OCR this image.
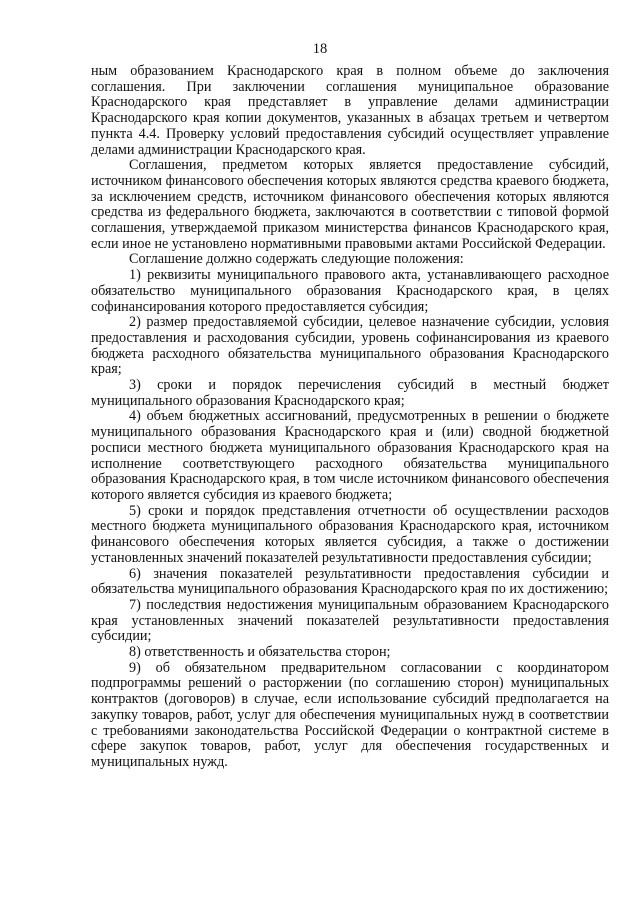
18

ным образованием Краснодарского края в полном объеме до заключения соглашения. При заключении соглашения муниципальное образование Краснодарского края представляет в управление делами администрации Краснодарского края копии документов, указанных в абзацах третьем и четвертом пункта 4.4. Проверку условий предоставления субсидий осуществляет управление делами администрации Краснодарского края.

Соглашения, предметом которых является предоставление субсидий, источником финансового обеспечения которых являются средства краевого бюджета, за исключением средств, источником финансового обеспечения которых являются средства из федерального бюджета, заключаются в соответствии с типовой формой соглашения, утверждаемой приказом министерства финансов Краснодарского края, если иное не установлено нормативными правовыми актами Российской Федерации.

Соглашение должно содержать следующие положения:

1) реквизиты муниципального правового акта, устанавливающего расходное обязательство муниципального образования Краснодарского края, в целях софинансирования которого предоставляется субсидия;

2) размер предоставляемой субсидии, целевое назначение субсидии, условия предоставления и расходования субсидии, уровень софинансирования из краевого бюджета расходного обязательства муниципального образования Краснодарского края;

3) сроки и порядок перечисления субсидий в местный бюджет муниципального образования Краснодарского края;

4) объем бюджетных ассигнований, предусмотренных в решении о бюджете муниципального образования Краснодарского края и (или) сводной бюджетной росписи местного бюджета муниципального образования Краснодарского края на исполнение соответствующего расходного обязательства муниципального образования Краснодарского края, в том числе источником финансового обеспечения которого является субсидия из краевого бюджета;

5) сроки и порядок представления отчетности об осуществлении расходов местного бюджета муниципального образования Краснодарского края, источником финансового обеспечения которых является субсидия, а также о достижении установленных значений показателей результативности предоставления субсидии;

6) значения показателей результативности предоставления субсидии и обязательства муниципального образования Краснодарского края по их достижению;

7) последствия недостижения муниципальным образованием Краснодарского края установленных значений показателей результативности предоставления субсидии;

8) ответственность и обязательства сторон;

9) об обязательном предварительном согласовании с координатором подпрограммы решений о расторжении (по соглашению сторон) муниципальных контрактов (договоров) в случае, если использование субсидий предполагается на закупку товаров, работ, услуг для обеспечения муниципальных нужд в соответствии с требованиями законодательства Российской Федерации о контрактной системе в сфере закупок товаров, работ, услуг для обеспечения государственных и муниципальных нужд.
